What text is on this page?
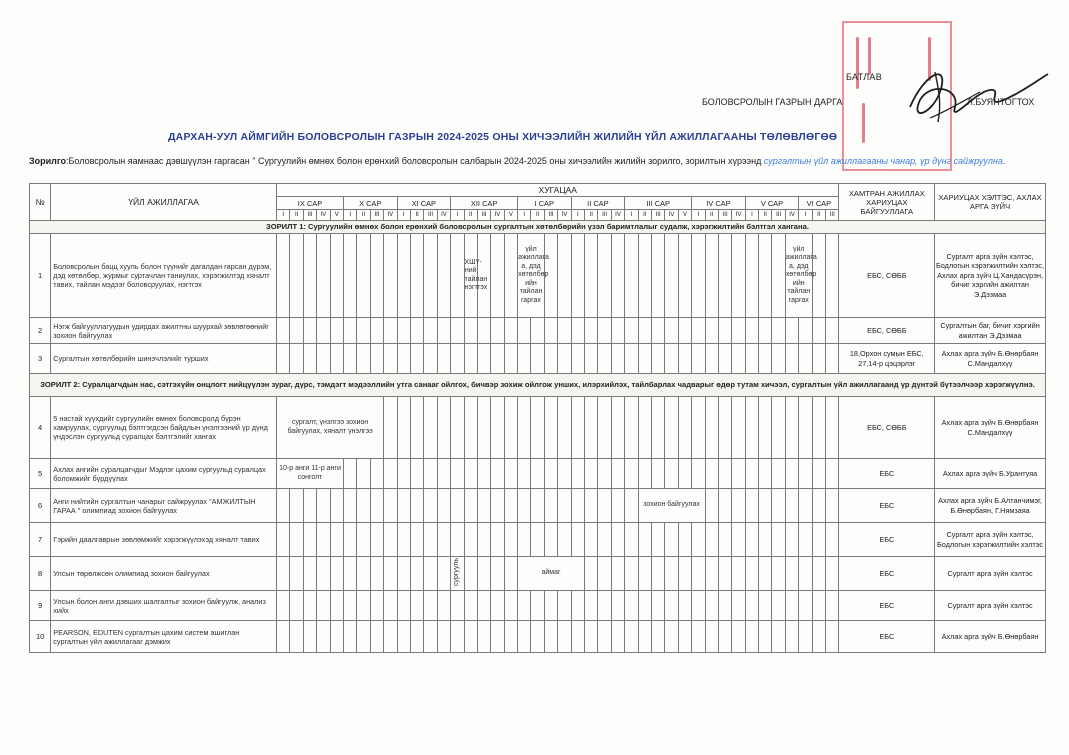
БАТЛАВ
БОЛОВСРОЛЫН ГАЗРЫН ДАРГА	Л.БУЯНТОГТОХ
ДАРХАН-УУЛ АЙМГИЙН БОЛОВСРОЛЫН ГАЗРЫН 2024-2025 ОНЫ ХИЧЭЭЛИЙН ЖИЛИЙН ҮЙЛ АЖИЛЛАГААНЫ ТӨЛӨВЛӨГӨӨ
Зорилго:Боловсролын яамнаас дэвшүүлэн гаргасан " Сургуулийн өмнөх болон ерөнхий боловсролын салбарын 2024-2025 оны хичээлийн жилийн зорилго, зорилтын хүрээнд сургалтын үйл ажиллагааны чанар, үр дүнг сайжруулна.
№	ҮЙЛ АЖИЛЛАГАА	ХУГАЦАА																																										ХАМТРАН АЖИЛЛАХ ХАРИУЦАХ БАЙГУУЛЛАГА	ХАРИУЦАХ ХЭЛТЭС, АХЛАХ АРГА ЗҮЙЧ
		IX САР					X САР				XI САР				XII САР					I САР				II САР				III САР					IV САР				V САР				VI САР				
		I	II	III	IV	V	I	II	III	IV	I	II	III	IV	I	II	III	IV	V	I	II	III	IV	I	II	III	IV	I	II	III	IV	V	I	II	III	IV	I	II	III	IV	I	II	III		
ЗОРИЛТ 1: Сургуулийн өмнөх болон ерөнхий боловсролын сургалтын хөтөлбөрийн үзэл баримтлалыг судалж, хэрэгжилтийн бэлтгэл хангана.																																													
1	Боловсролын бацц хууль болон түүнийг дагалдан гарсан дүрэм, дэд хөтөлбөр, журмыг суртачлан таниулах, хэрэгжилтэд хяналт тавих, тайлан мэдээг боловсруулах, нэгтгэх															ХШҮ-ний тайлан нэгтгэх				үйл ажиллага а, дэд хөтөлбөр ийн тайлан гаргах																				үйл ажиллага а, дэд хөтөлбөр ийн тайлан гаргах				ЕБС, СӨББ	Сургалт арга зүйн хэлтэс, Бодлогын хэрэгжилтийн хэлтэс, Ахлах арга зүйч Ц.Хандасүрэн, бичиг хэргийн ажилтан Э.Дэзмаа
2	Нэгж байгууллагуудын удирдах ажилтны шуурхай зөвлөгөөнийг зохион байгуулах																																											ЕБС, СӨББ	Сургалтын баг, бичиг хэргийн ажилтан Э.Дэзмаа
3	Сургалтын хөтөлбөрийн шинэчлэлийг турших																																											18,Орхон сумын ЕБС, 27,14-р цэцэрлэг	Ахлах арга зүйч Б.Өнөрбаян С.Мандалхүү
ЗОРИЛТ 2: Суралцагчдын нас, сэтгэхүйн онцлогт нийцүүлэн зураг, дүрс, тэмдэгт мэдээллийн утга санааг ойлгох, бичвэр зохиж ойлгож унших, илэрхийлэх, тайлбарлах чадварыг өдөр тутам хичээл, сургалтын үйл ажиллагаанд үр дүнтэй бүтээлчээр хэрэгжүүлнэ.																																													
4	5 настай хүүхдийг сургуулийн өмнөх боловсролд бүрэн хамруулах, сургуульд бэлтгэгдсэн байдлын үнэлгээний үр дүнд үндэслэн сургуульд суралцах бэлтгэлийг хангах	сургалт, үнэлгээ зохион байгуулах, хяналт үнэлгээ																																										ЕБС, СӨББ	Ахлах арга зүйч Б.Өнөрбаян С.Мандалхүү
5	Ахлах ангийн суралцагчдыг Мэдлэг цахим сургуульд суралцах боломжийг бүрдүүлах	10-р анги 11-р анги сонголт																																										ЕБС	Ахлах арга зүйч Б.Урантуяа
6	Анги нийтийн сургалтын чанарыг сайжруулах "АМЖИЛТЫН ГАРАА " олимпиад зохион байгуулах																												зохион байгуулах															ЕБС	Ахлах арга зүйч Б.Алтанчимэг, Б.Өнөрбаян, Г.Нямзаяа
7	Гэрийн даалгаврын зөвлөмжийг хэрэгжүүлэхэд хяналт тавих																																											ЕБС	Сургалт арга зүйн хэлтэс, Бодлогын хэрэгжилтийн хэлтэс
8	Улсын төрөлжсөн олимпиад зохион байгуулах														сургууль					аймаг																								ЕБС	Сургалт арга зүйн хэлтэс
9	Улсын болон анги дэвших шалгалтыг зохион байгуулж, анализ хийх																																											ЕБС	Сургалт арга зүйн хэлтэс
10	PEARSON, EDUTEN сургалтын цахим систем ашиглан сургалтын үйл ажиллагааг дэмжих																																											ЕБС	Ахлах арга зүйч Б.Өнөрбаян
